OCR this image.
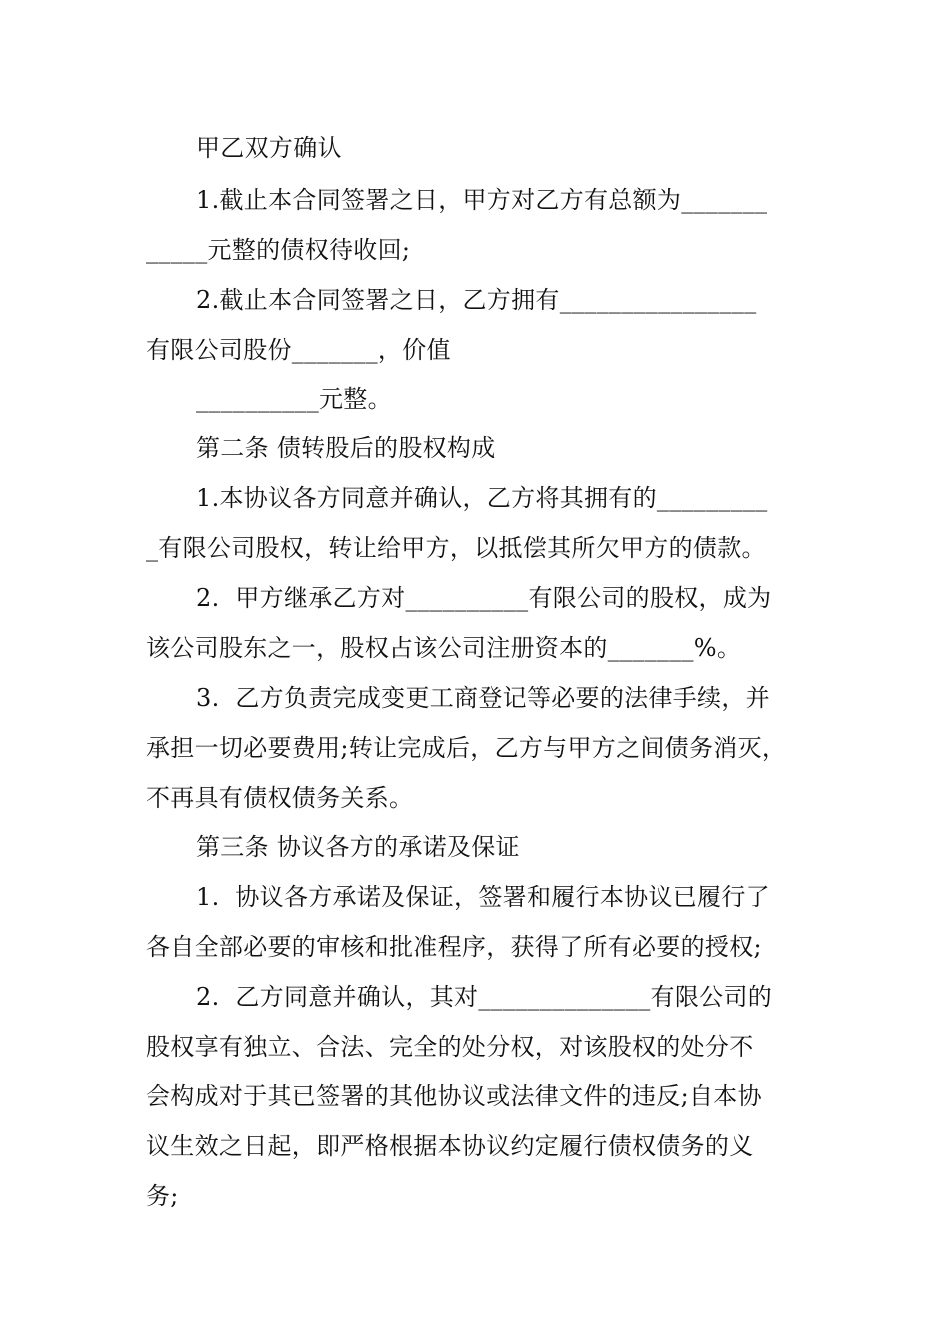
甲乙双方确认
1.截止本合同签署之日，甲方对乙方有总额为_______
_____元整的债权待收回;
2.截止本合同签署之日，乙方拥有________________
有限公司股份_______，价值
__________元整。
第二条 债转股后的股权构成
1.本协议各方同意并确认，乙方将其拥有的_________
_有限公司股权，转让给甲方，以抵偿其所欠甲方的债款。
2.  甲方继承乙方对__________有限公司的股权，成为
该公司股东之一，股权占该公司注册资本的_______%。
3.  乙方负责完成变更工商登记等必要的法律手续，并
承担一切必要费用;转让完成后，乙方与甲方之间债务消灭，
不再具有债权债务关系。
第三条 协议各方的承诺及保证
1.  协议各方承诺及保证，签署和履行本协议已履行了
各自全部必要的审核和批准程序，获得了所有必要的授权;
2.  乙方同意并确认，其对______________有限公司的
股权享有独立、合法、完全的处分权，对该股权的处分不
会构成对于其已签署的其他协议或法律文件的违反;自本协
议生效之日起，即严格根据本协议约定履行债权债务的义
务;
